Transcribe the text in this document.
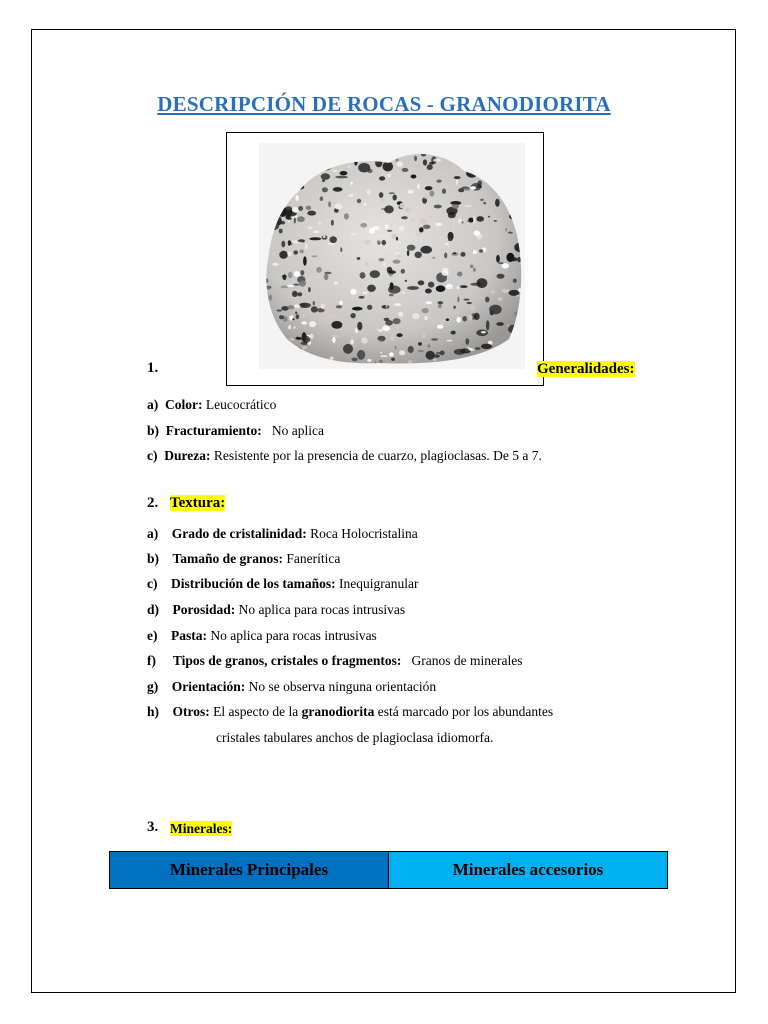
DESCRIPCIÓN DE ROCAS - GRANODIORITA
1.	Generalidades:
a) Color: Leucocrático
b) Fracturamiento: No aplica
c) Dureza: Resistente por la presencia de cuarzo, plagioclasas. De 5 a 7.
2. Textura:
a) Grado de cristalinidad: Roca Holocristalina
b) Tamaño de granos: Fanerítica
c) Distribución de los tamaños: Inequigranular
d) Porosidad: No aplica para rocas intrusivas
e) Pasta: No aplica para rocas intrusivas
f) Tipos de granos, cristales o fragmentos: Granos de minerales
g) Orientación: No se observa ninguna orientación
h) Otros: El aspecto de la granodiorita está marcado por los abundantes
cristales tabulares anchos de plagioclasa idiomorfa.
3. Minerales:
Minerales Principales	Minerales accesorios
